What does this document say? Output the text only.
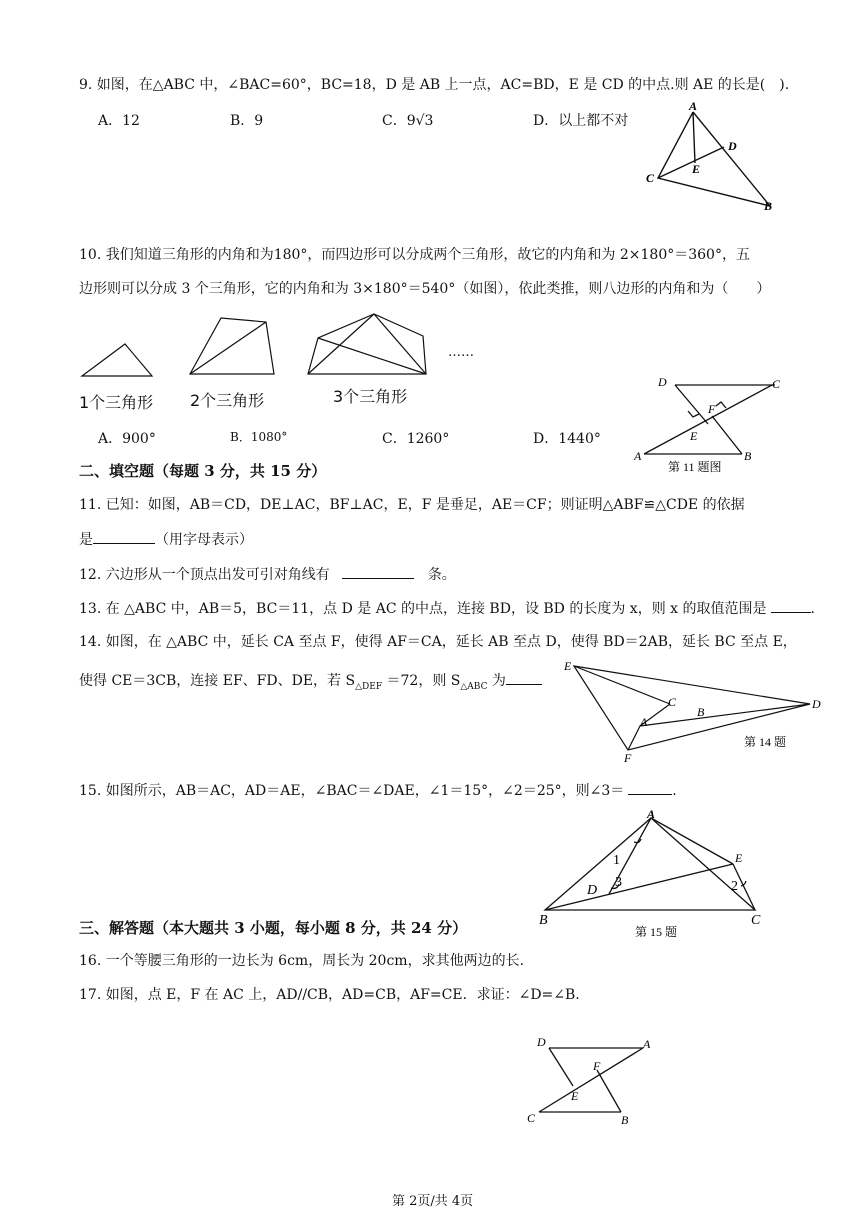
9. 如图，在△ABC 中，∠BAC=60°，BC=18，D 是 AB 上一点，AC=BD，E 是 CD 的中点.则 AE 的长是(　).
A．12	B．9	C．9√3	D．以上都不对
A
D
E
C
B
10. 我们知道三角形的内角和为180°，而四边形可以分成两个三角形，故它的内角和为 2×180°＝360°，五
边形则可以分成 3 个三角形，它的内角和为 3×180°＝540°（如图），依此类推，则八边形的内角和为（　　）
……
1个三角形 2个三角形	3个三角形
A．900°	B．1080°	C．1260°	D．1440°
D	C
F
E
A	B
第 11 题图
二、填空题（每题 3 分，共 15 分）
11. 已知：如图，AB＝CD，DE⊥AC，BF⊥AC，E，F 是垂足，AE＝CF；则证明△ABF≌△CDE 的依据
是	（用字母表示）
12. 六边形从一个顶点出发可引对角线有	条。
13. 在 △ABC 中，AB＝5，BC＝11，点 D 是 AC 的中点，连接 BD，设 BD 的长度为 x，则 x 的取值范围是	.
14. 如图，在 △ABC 中，延长 CA 至点 F，使得 AF＝CA，延长 AB 至点 D，使得 BD＝2AB，延长 BC 至点 E，
使得 CE＝3CB，连接 EF、FD、DE，若 $S_{\triangle DEF} =72$，则 $S_{\triangle ABC}$ 为
E
C
B
A
F
D
第 14 题
15. 如图所示，AB＝AC，AD＝AE，∠BAC＝∠DAE，∠1＝15°，∠2＝25°，则∠3＝	.
A
E
1
2
D
3
B	C
第 15 题
三、解答题（本大题共 3 小题，每小题 8 分，共 24 分）
16. 一个等腰三角形的一边长为 6cm，周长为 20cm，求其他两边的长.
17. 如图，点 E，F 在 AC 上，AD//CB，AD=CB，AF=CE．求证：∠D=∠B.
D	A
F
E
C	B
第 2页/共 4页
